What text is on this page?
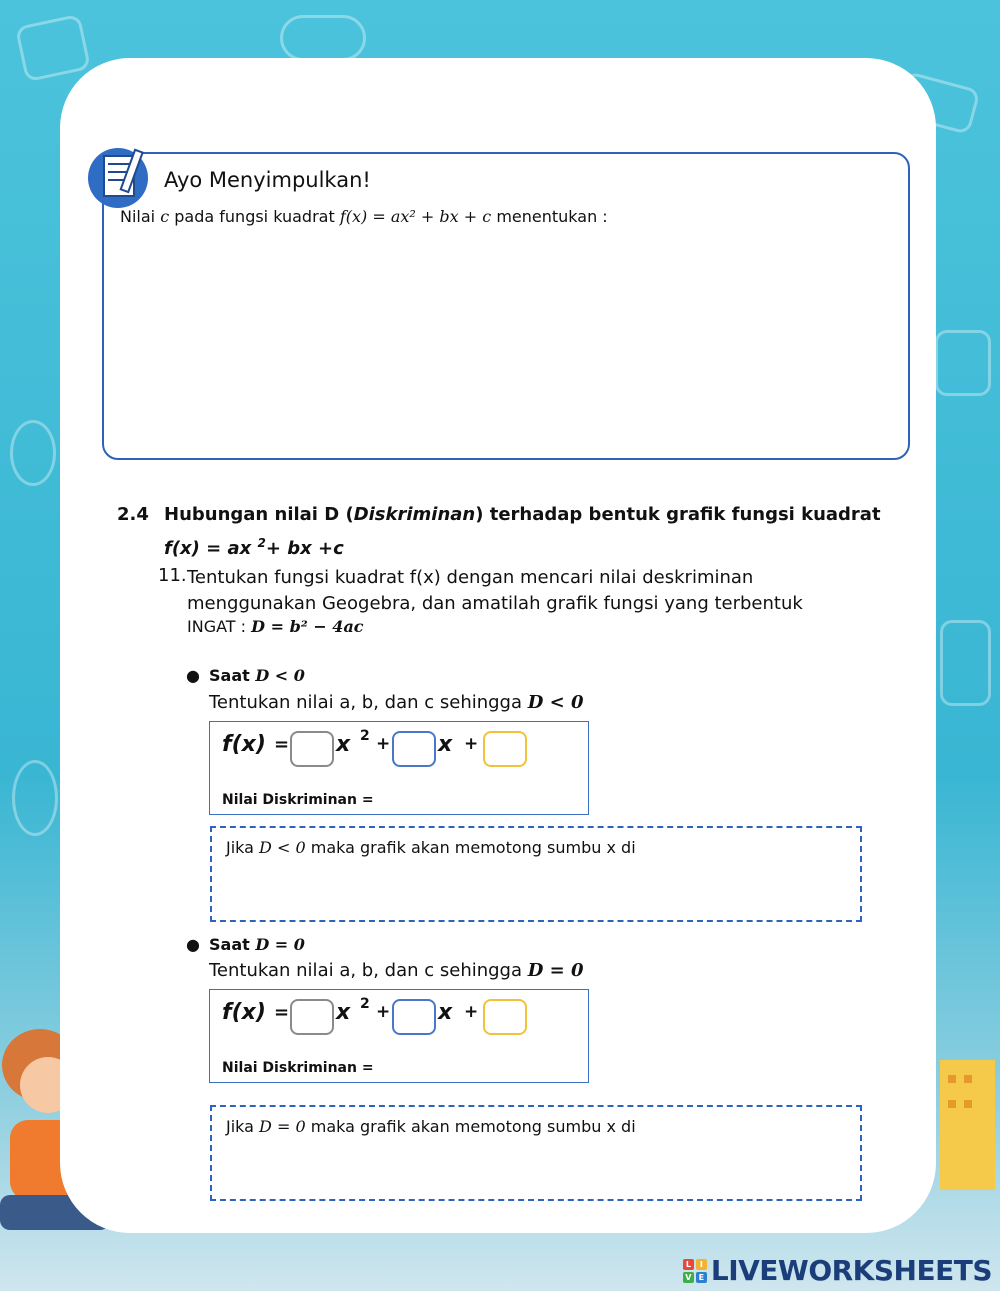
Ayo Menyimpulkan!
Nilai c pada fungsi kuadrat f(x) = ax² + bx + c menentukan :
2.4 Hubungan nilai D (Diskriminan) terhadap bentuk grafik fungsi kuadrat
f(x) = ax $^2$+ bx +c
11. Tentukan fungsi kuadrat f(x) dengan mencari nilai deskriminan
menggunakan Geogebra, dan amatilah grafik fungsi yang terbentuk
INGAT : D = b² − 4ac
● Saat D < 0
Tentukan nilai a, b, dan c sehingga D < 0
f(x) = x 2 + x +
Nilai Diskriminan =
Jika D < 0 maka grafik akan memotong sumbu x di
● Saat D = 0
Tentukan nilai a, b, dan c sehingga D = 0
f(x) = x 2 + x +
Nilai Diskriminan =
Jika D = 0 maka grafik akan memotong sumbu x di
L	I
V E LIVEWORKSHEETS
